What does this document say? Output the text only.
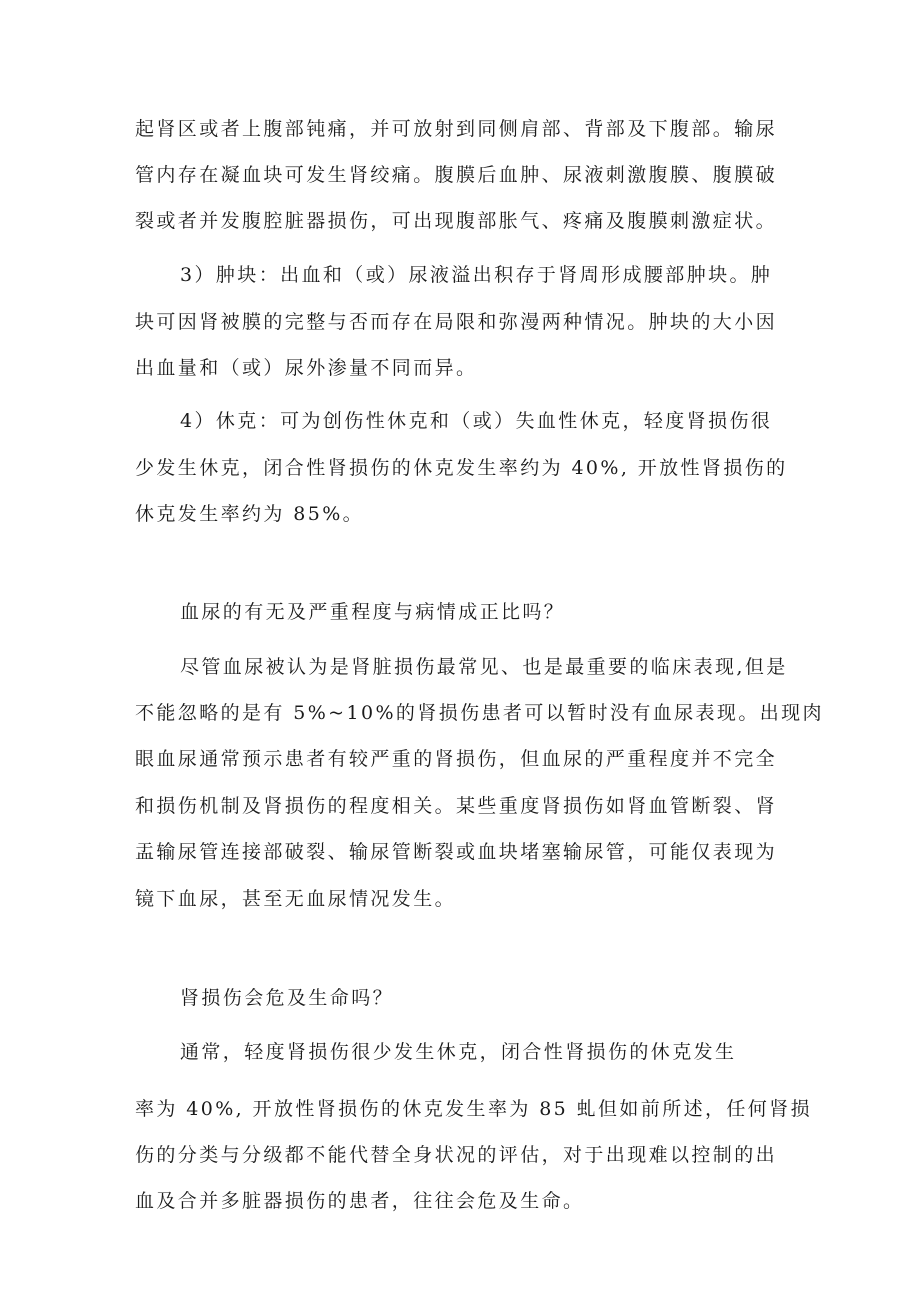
起肾区或者上腹部钝痛，并可放射到同侧肩部、背部及下腹部。输尿
管内存在凝血块可发生肾绞痛。腹膜后血肿、尿液刺激腹膜、腹膜破
裂或者并发腹腔脏器损伤，可出现腹部胀气、疼痛及腹膜刺激症状。
3）肿块：出血和（或）尿液溢出积存于肾周形成腰部肿块。肿
块可因肾被膜的完整与否而存在局限和弥漫两种情况。肿块的大小因
出血量和（或）尿外渗量不同而异。
4）休克：可为创伤性休克和（或）失血性休克，轻度肾损伤很
少发生休克，闭合性肾损伤的休克发生率约为 40%, 开放性肾损伤的
休克发生率约为 85%。
血尿的有无及严重程度与病情成正比吗？
尽管血尿被认为是肾脏损伤最常见、也是最重要的临床表现,但是
不能忽略的是有 5%~10%的肾损伤患者可以暂时没有血尿表现。出现肉
眼血尿通常预示患者有较严重的肾损伤，但血尿的严重程度并不完全
和损伤机制及肾损伤的程度相关。某些重度肾损伤如肾血管断裂、肾
盂输尿管连接部破裂、输尿管断裂或血块堵塞输尿管，可能仅表现为
镜下血尿，甚至无血尿情况发生。
肾损伤会危及生命吗？
通常，轻度肾损伤很少发生休克，闭合性肾损伤的休克发生
率为 40%, 开放性肾损伤的休克发生率为 85 虬但如前所述，任何肾损
伤的分类与分级都不能代替全身状况的评估，对于出现难以控制的出
血及合并多脏器损伤的患者，往往会危及生命。
